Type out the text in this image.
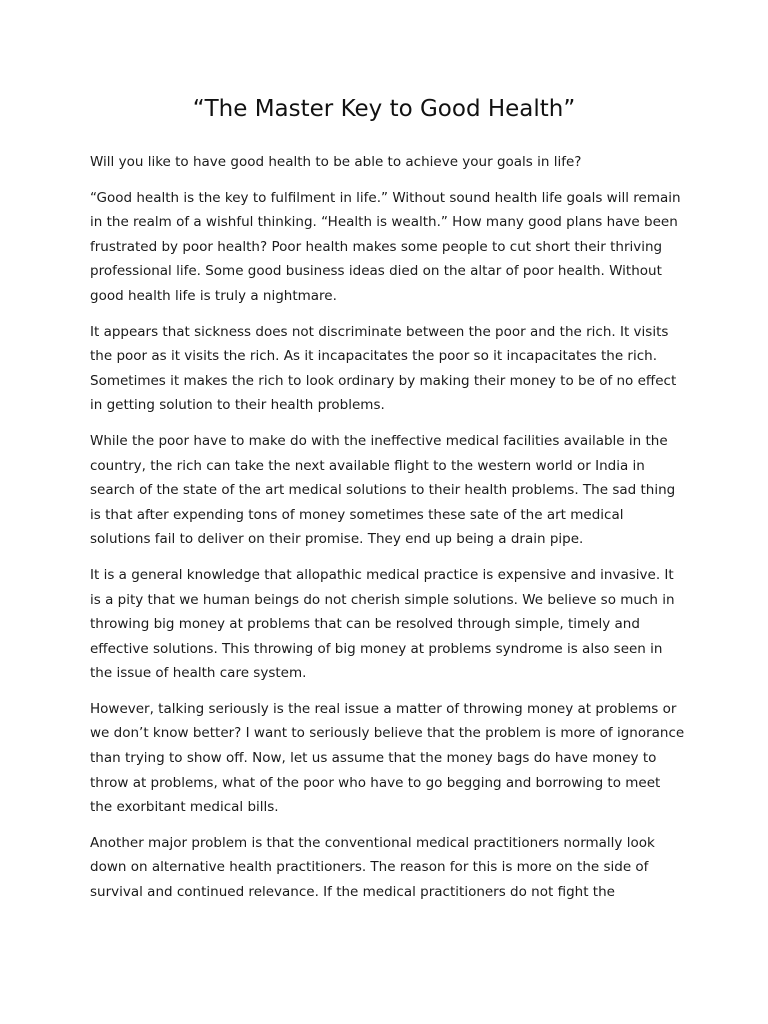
“The Master Key to Good Health”

Will you like to have good health to be able to achieve your goals in life?

“Good health is the key to fulfilment in life.” Without sound health life goals will remain in the realm of a wishful thinking. “Health is wealth.” How many good plans have been frustrated by poor health? Poor health makes some people to cut short their thriving professional life. Some good business ideas died on the altar of poor health. Without good health life is truly a nightmare.

It appears that sickness does not discriminate between the poor and the rich. It visits the poor as it visits the rich. As it incapacitates the poor so it incapacitates the rich. Sometimes it makes the rich to look ordinary by making their money to be of no effect in getting solution to their health problems.

While the poor have to make do with the ineffective medical facilities available in the country, the rich can take the next available flight to the western world or India in search of the state of the art medical solutions to their health problems. The sad thing is that after expending tons of money sometimes these sate of the art medical solutions fail to deliver on their promise. They end up being a drain pipe.

It is a general knowledge that allopathic medical practice is expensive and invasive. It is a pity that we human beings do not cherish simple solutions. We believe so much in throwing big money at problems that can be resolved through simple, timely and effective solutions. This throwing of big money at problems syndrome is also seen in the issue of health care system.

However, talking seriously is the real issue a matter of throwing money at problems or we don’t know better? I want to seriously believe that the problem is more of ignorance than trying to show off. Now, let us assume that the money bags do have money to throw at problems, what of the poor who have to go begging and borrowing to meet the exorbitant medical bills.

Another major problem is that the conventional medical practitioners normally look down on alternative health practitioners. The reason for this is more on the side of survival and continued relevance. If the medical practitioners do not fight the
